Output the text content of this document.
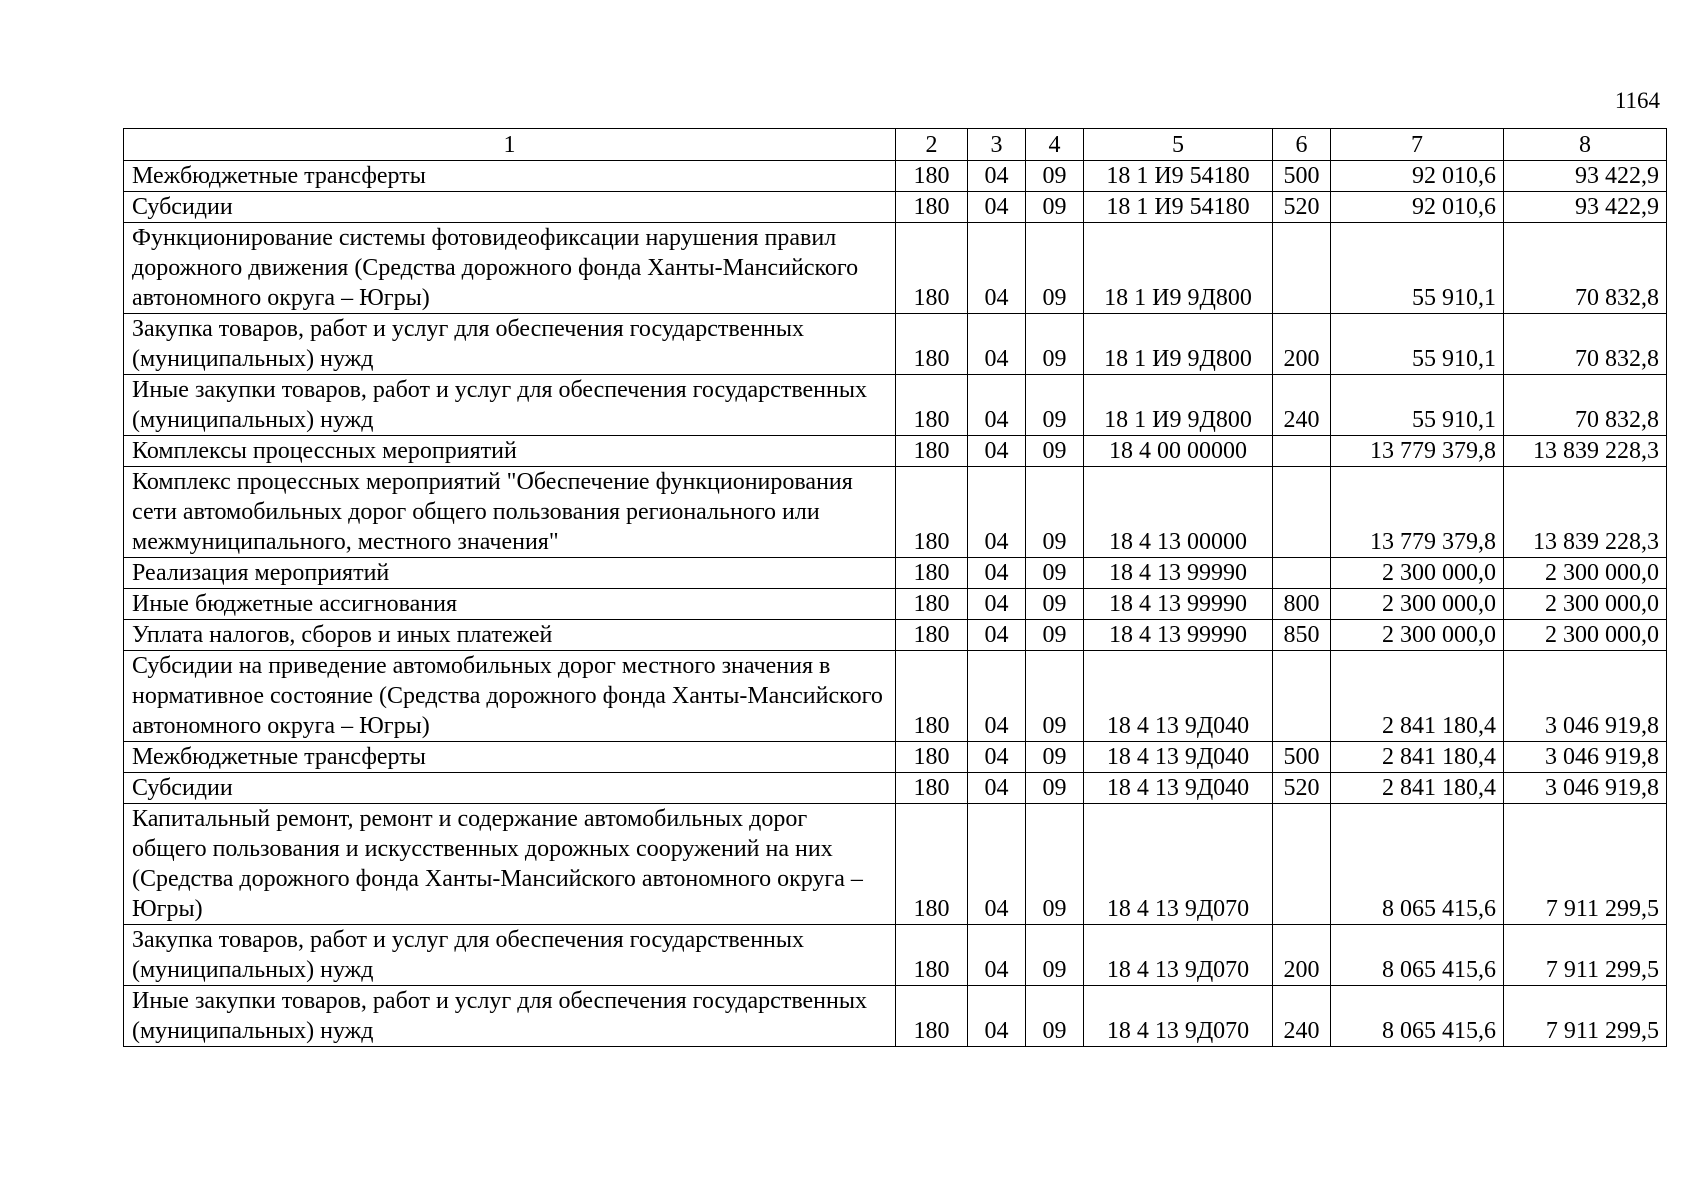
1164
1	2	3	4	5	6	7	8
Межбюджетные трансферты	180	04	09	18 1 И9 54180	500	92 010,6	93 422,9
Субсидии	180	04	09	18 1 И9 54180	520	92 010,6	93 422,9
Функционирование системы фотовидеофиксации нарушения правил дорожного движения (Средства дорожного фонда Ханты-Мансийского автономного округа – Югры)	180	04	09	18 1 И9 9Д800		55 910,1	70 832,8
Закупка товаров, работ и услуг для обеспечения государственных (муниципальных) нужд	180	04	09	18 1 И9 9Д800	200	55 910,1	70 832,8
Иные закупки товаров, работ и услуг для обеспечения государственных (муниципальных) нужд	180	04	09	18 1 И9 9Д800	240	55 910,1	70 832,8
Комплексы процессных мероприятий	180	04	09	18 4 00 00000		13 779 379,8	13 839 228,3
Комплекс процессных мероприятий "Обеспечение функционирования сети автомобильных дорог общего пользования регионального или межмуниципального, местного значения"	180	04	09	18 4 13 00000		13 779 379,8	13 839 228,3
Реализация мероприятий	180	04	09	18 4 13 99990		2 300 000,0	2 300 000,0
Иные бюджетные ассигнования	180	04	09	18 4 13 99990	800	2 300 000,0	2 300 000,0
Уплата налогов, сборов и иных платежей	180	04	09	18 4 13 99990	850	2 300 000,0	2 300 000,0
Субсидии на приведение автомобильных дорог местного значения в нормативное состояние (Средства дорожного фонда Ханты-Мансийского автономного округа – Югры)	180	04	09	18 4 13 9Д040		2 841 180,4	3 046 919,8
Межбюджетные трансферты	180	04	09	18 4 13 9Д040	500	2 841 180,4	3 046 919,8
Субсидии	180	04	09	18 4 13 9Д040	520	2 841 180,4	3 046 919,8
Капитальный ремонт, ремонт и содержание автомобильных дорог общего пользования и искусственных дорожных сооружений на них (Средства дорожного фонда Ханты-Мансийского автономного округа – Югры)	180	04	09	18 4 13 9Д070		8 065 415,6	7 911 299,5
Закупка товаров, работ и услуг для обеспечения государственных (муниципальных) нужд	180	04	09	18 4 13 9Д070	200	8 065 415,6	7 911 299,5
Иные закупки товаров, работ и услуг для обеспечения государственных (муниципальных) нужд	180	04	09	18 4 13 9Д070	240	8 065 415,6	7 911 299,5
